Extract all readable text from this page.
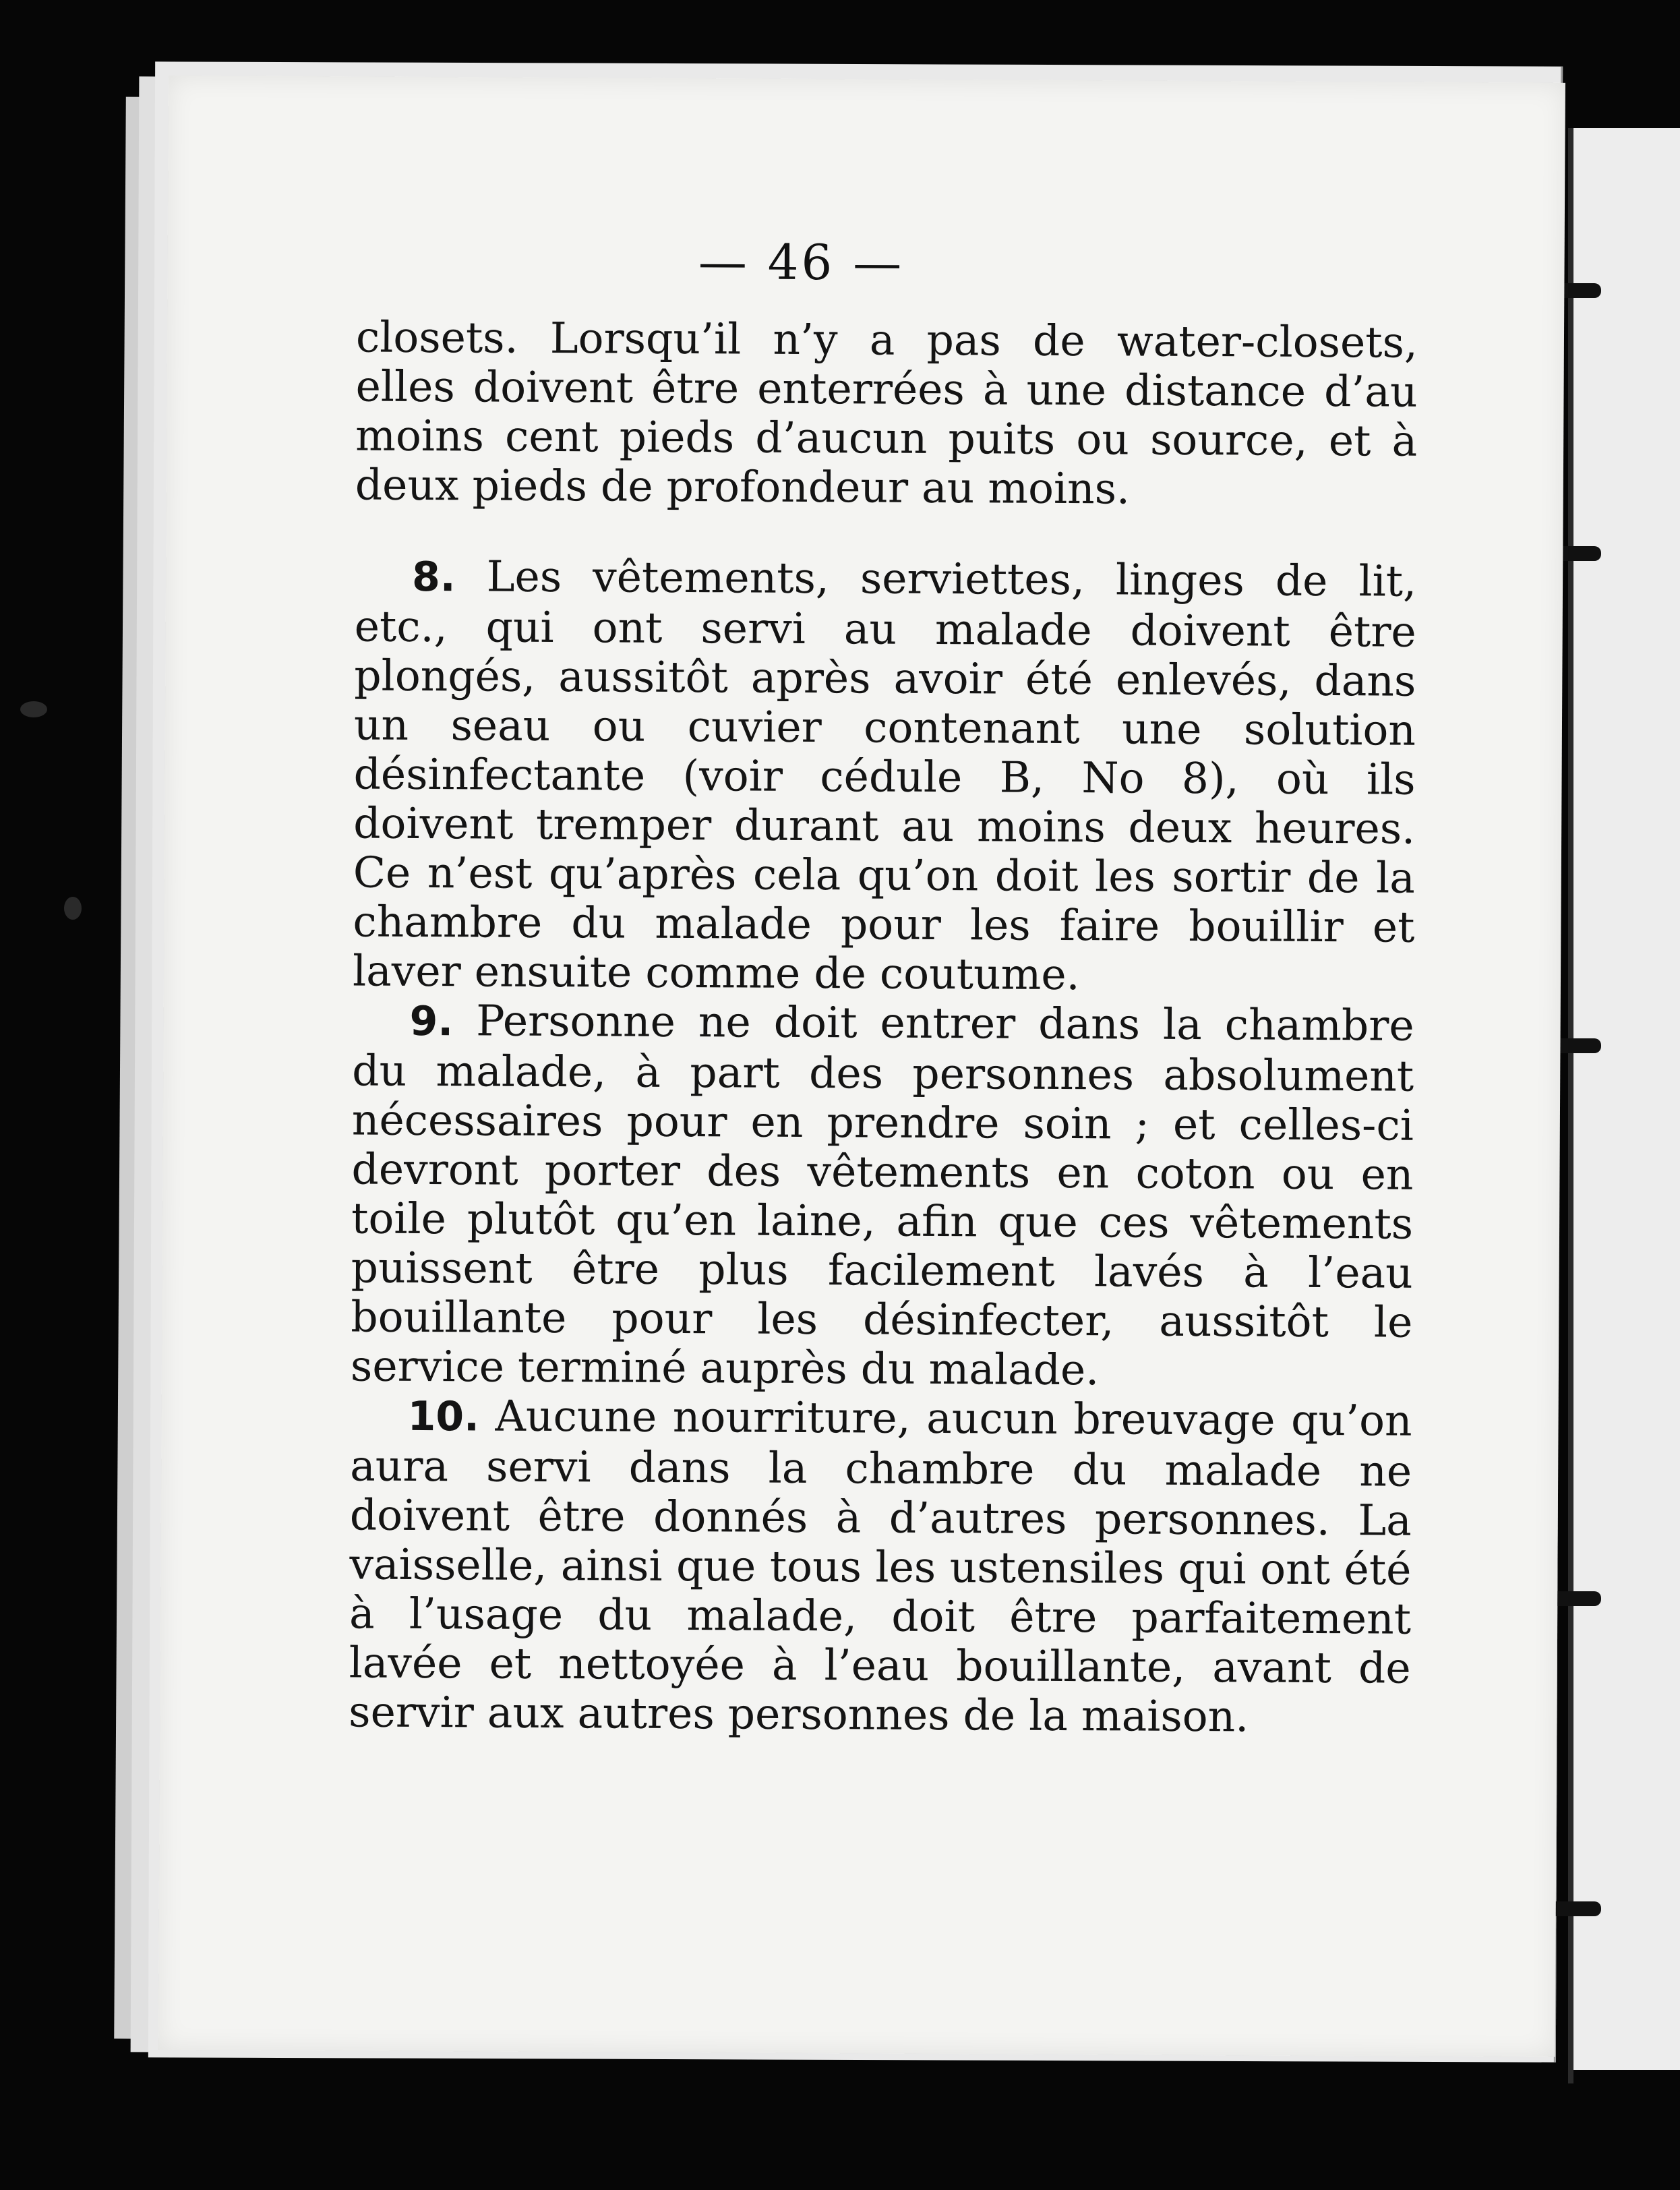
— 46 —

closets. Lorsqu’il n’y a pas de water-closets, elles doivent être enterrées à une distance d’au moins cent pieds d’aucun puits ou source, et à deux pieds de profondeur au moins.

8. Les vêtements, serviettes, linges de lit, etc., qui ont servi au malade doivent être plongés, aussitôt après avoir été enlevés, dans un seau ou cuvier contenant une solution désinfectante (voir cédule B, No 8), où ils doivent tremper durant au moins deux heures. Ce n’est qu’après cela qu’on doit les sortir de la chambre du malade pour les faire bouillir et laver ensuite comme de coutume.

9. Personne ne doit entrer dans la chambre du malade, à part des personnes absolument nécessaires pour en prendre soin ; et celles-ci devront porter des vêtements en coton ou en toile plutôt qu’en laine, afin que ces vêtements puissent être plus facilement lavés à l’eau bouillante pour les désinfecter, aussitôt le service terminé auprès du malade.

10. Aucune nourriture, aucun breuvage qu’on aura servi dans la chambre du malade ne doivent être donnés à d’autres personnes. La vaisselle, ainsi que tous les ustensiles qui ont été à l’usage du malade, doit être parfaitement lavée et nettoyée à l’eau bouillante, avant de servir aux autres personnes de la maison.
